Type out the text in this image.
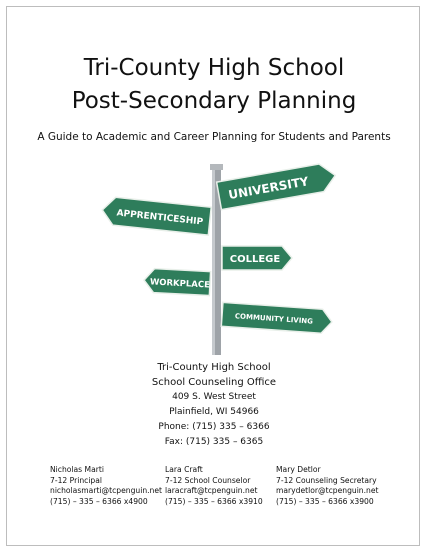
Tri-County High School
Post-Secondary Planning
A Guide to Academic and Career Planning for Students and Parents
UNIVERSITY
APPRENTICESHIP
COLLEGE
WORKPLACE
COMMUNITY LIVING
Tri-County High School
School Counseling Office
409 S. West Street
Plainfield, WI 54966
Phone: (715) 335 – 6366
Fax: (715) 335 – 6365
Nicholas Marti
7-12 Principal
nicholasmarti@tcpenguin.net
(715) – 335 – 6366 x4900
Lara Craft
7-12 School Counselor
laracraft@tcpenguin.net
(715) – 335 – 6366 x3910
Mary Detlor
7-12 Counseling Secretary
marydetlor@tcpenguin.net
(715) – 335 – 6366 x3900
